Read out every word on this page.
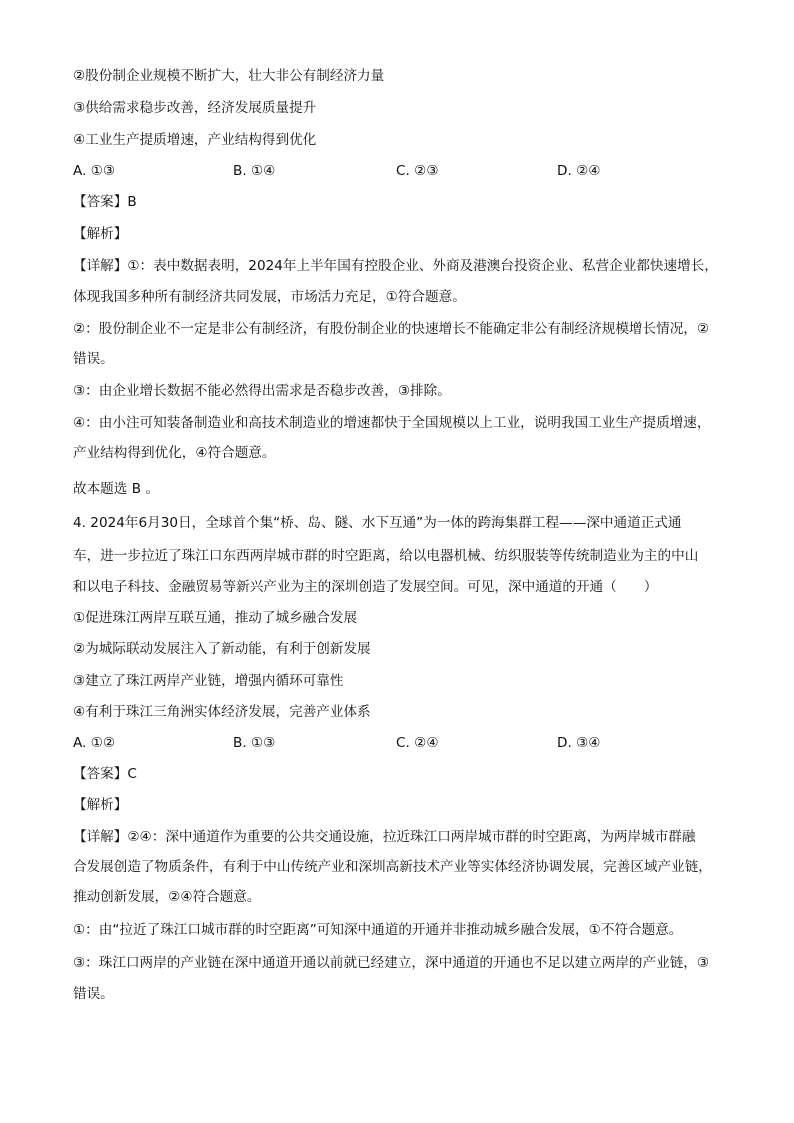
②股份制企业规模不断扩大，壮大非公有制经济力量
③供给需求稳步改善，经济发展质量提升
④工业生产提质增速，产业结构得到优化
A. ①③	B. ①④	C. ②③	D. ②④
【答案】B
【解析】
【详解】①：表中数据表明，2024年上半年国有控股企业、外商及港澳台投资企业、私营企业都快速增长，
体现我国多种所有制经济共同发展，市场活力充足，①符合题意。
②：股份制企业不一定是非公有制经济，有股份制企业的快速增长不能确定非公有制经济规模增长情况，②
错误。
③：由企业增长数据不能必然得出需求是否稳步改善，③排除。
④：由小注可知装备制造业和高技术制造业的增速都快于全国规模以上工业，说明我国工业生产提质增速，
产业结构得到优化，④符合题意。
故本题选 B 。
4. 2024年6月30日，全球首个集“桥、岛、隧、水下互通”为一体的跨海集群工程——深中通道正式通
车，进一步拉近了珠江口东西两岸城市群的时空距离，给以电器机械、纺织服装等传统制造业为主的中山
和以电子科技、金融贸易等新兴产业为主的深圳创造了发展空间。可见，深中通道的开通（　　）
①促进珠江两岸互联互通，推动了城乡融合发展
②为城际联动发展注入了新动能，有利于创新发展
③建立了珠江两岸产业链，增强内循环可靠性
④有利于珠江三角洲实体经济发展，完善产业体系
A. ①②	B. ①③	C. ②④	D. ③④
【答案】C
【解析】
【详解】②④：深中通道作为重要的公共交通设施，拉近珠江口两岸城市群的时空距离，为两岸城市群融
合发展创造了物质条件，有利于中山传统产业和深圳高新技术产业等实体经济协调发展，完善区域产业链，
推动创新发展，②④符合题意。
①：由“拉近了珠江口城市群的时空距离”可知深中通道的开通并非推动城乡融合发展，①不符合题意。
③：珠江口两岸的产业链在深中通道开通以前就已经建立，深中通道的开通也不足以建立两岸的产业链，③
错误。
